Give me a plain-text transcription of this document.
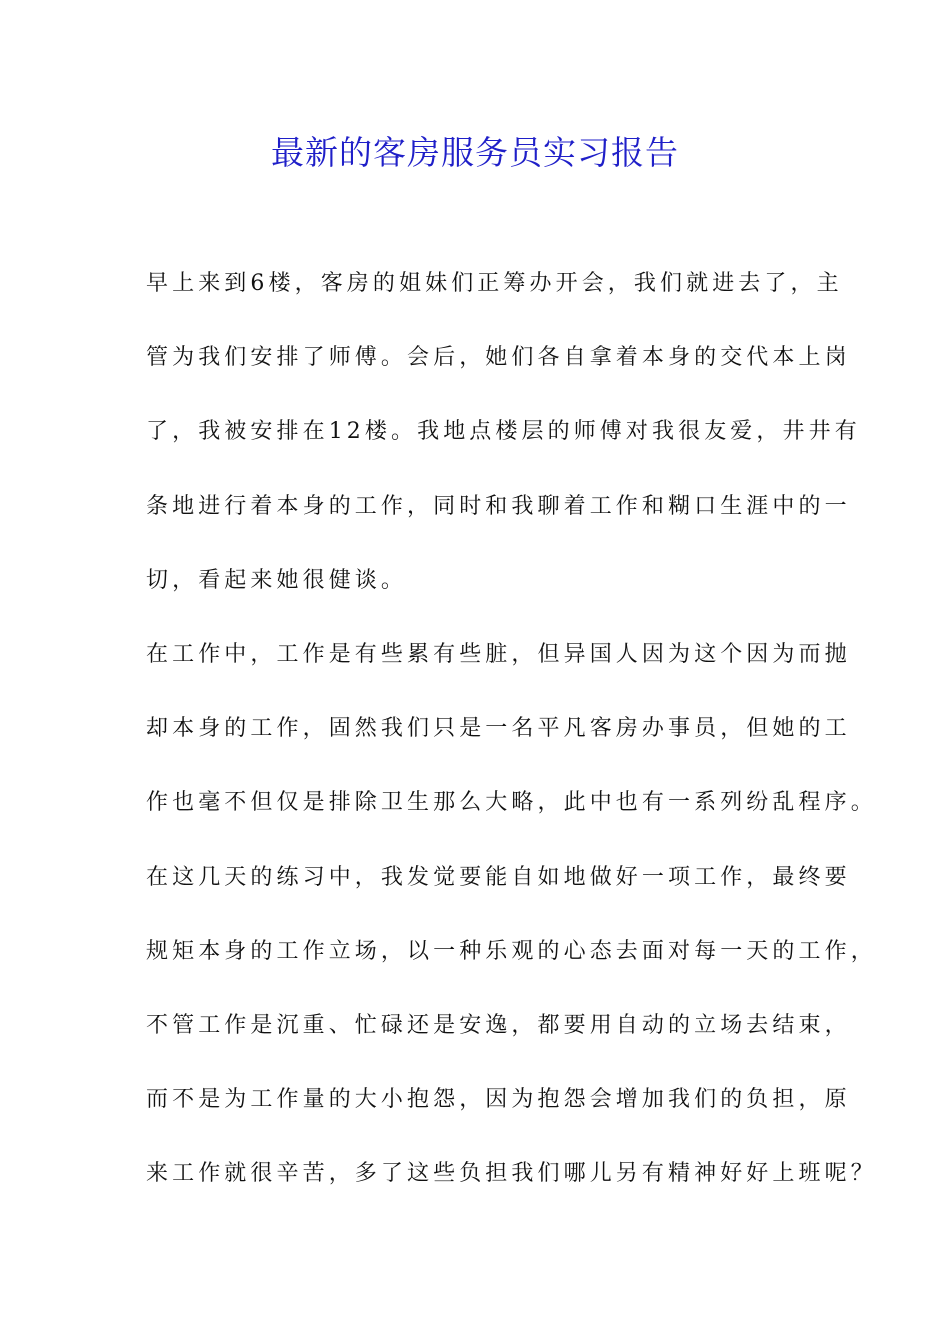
最新的客房服务员实习报告

早上来到6楼，客房的姐妹们正筹办开会，我们就进去了，主

管为我们安排了师傅。会后，她们各自拿着本身的交代本上岗

了，我被安排在12楼。我地点楼层的师傅对我很友爱，井井有

条地进行着本身的工作，同时和我聊着工作和糊口生涯中的一

切，看起来她很健谈。

在工作中，工作是有些累有些脏，但异国人因为这个因为而抛

却本身的工作，固然我们只是一名平凡客房办事员，但她的工

作也毫不但仅是排除卫生那么大略，此中也有一系列纷乱程序。

在这几天的练习中，我发觉要能自如地做好一项工作，最终要

规矩本身的工作立场，以一种乐观的心态去面对每一天的工作，

不管工作是沉重、忙碌还是安逸，都要用自动的立场去结束，

而不是为工作量的大小抱怨，因为抱怨会增加我们的负担，原

来工作就很辛苦，多了这些负担我们哪儿另有精神好好上班呢？
